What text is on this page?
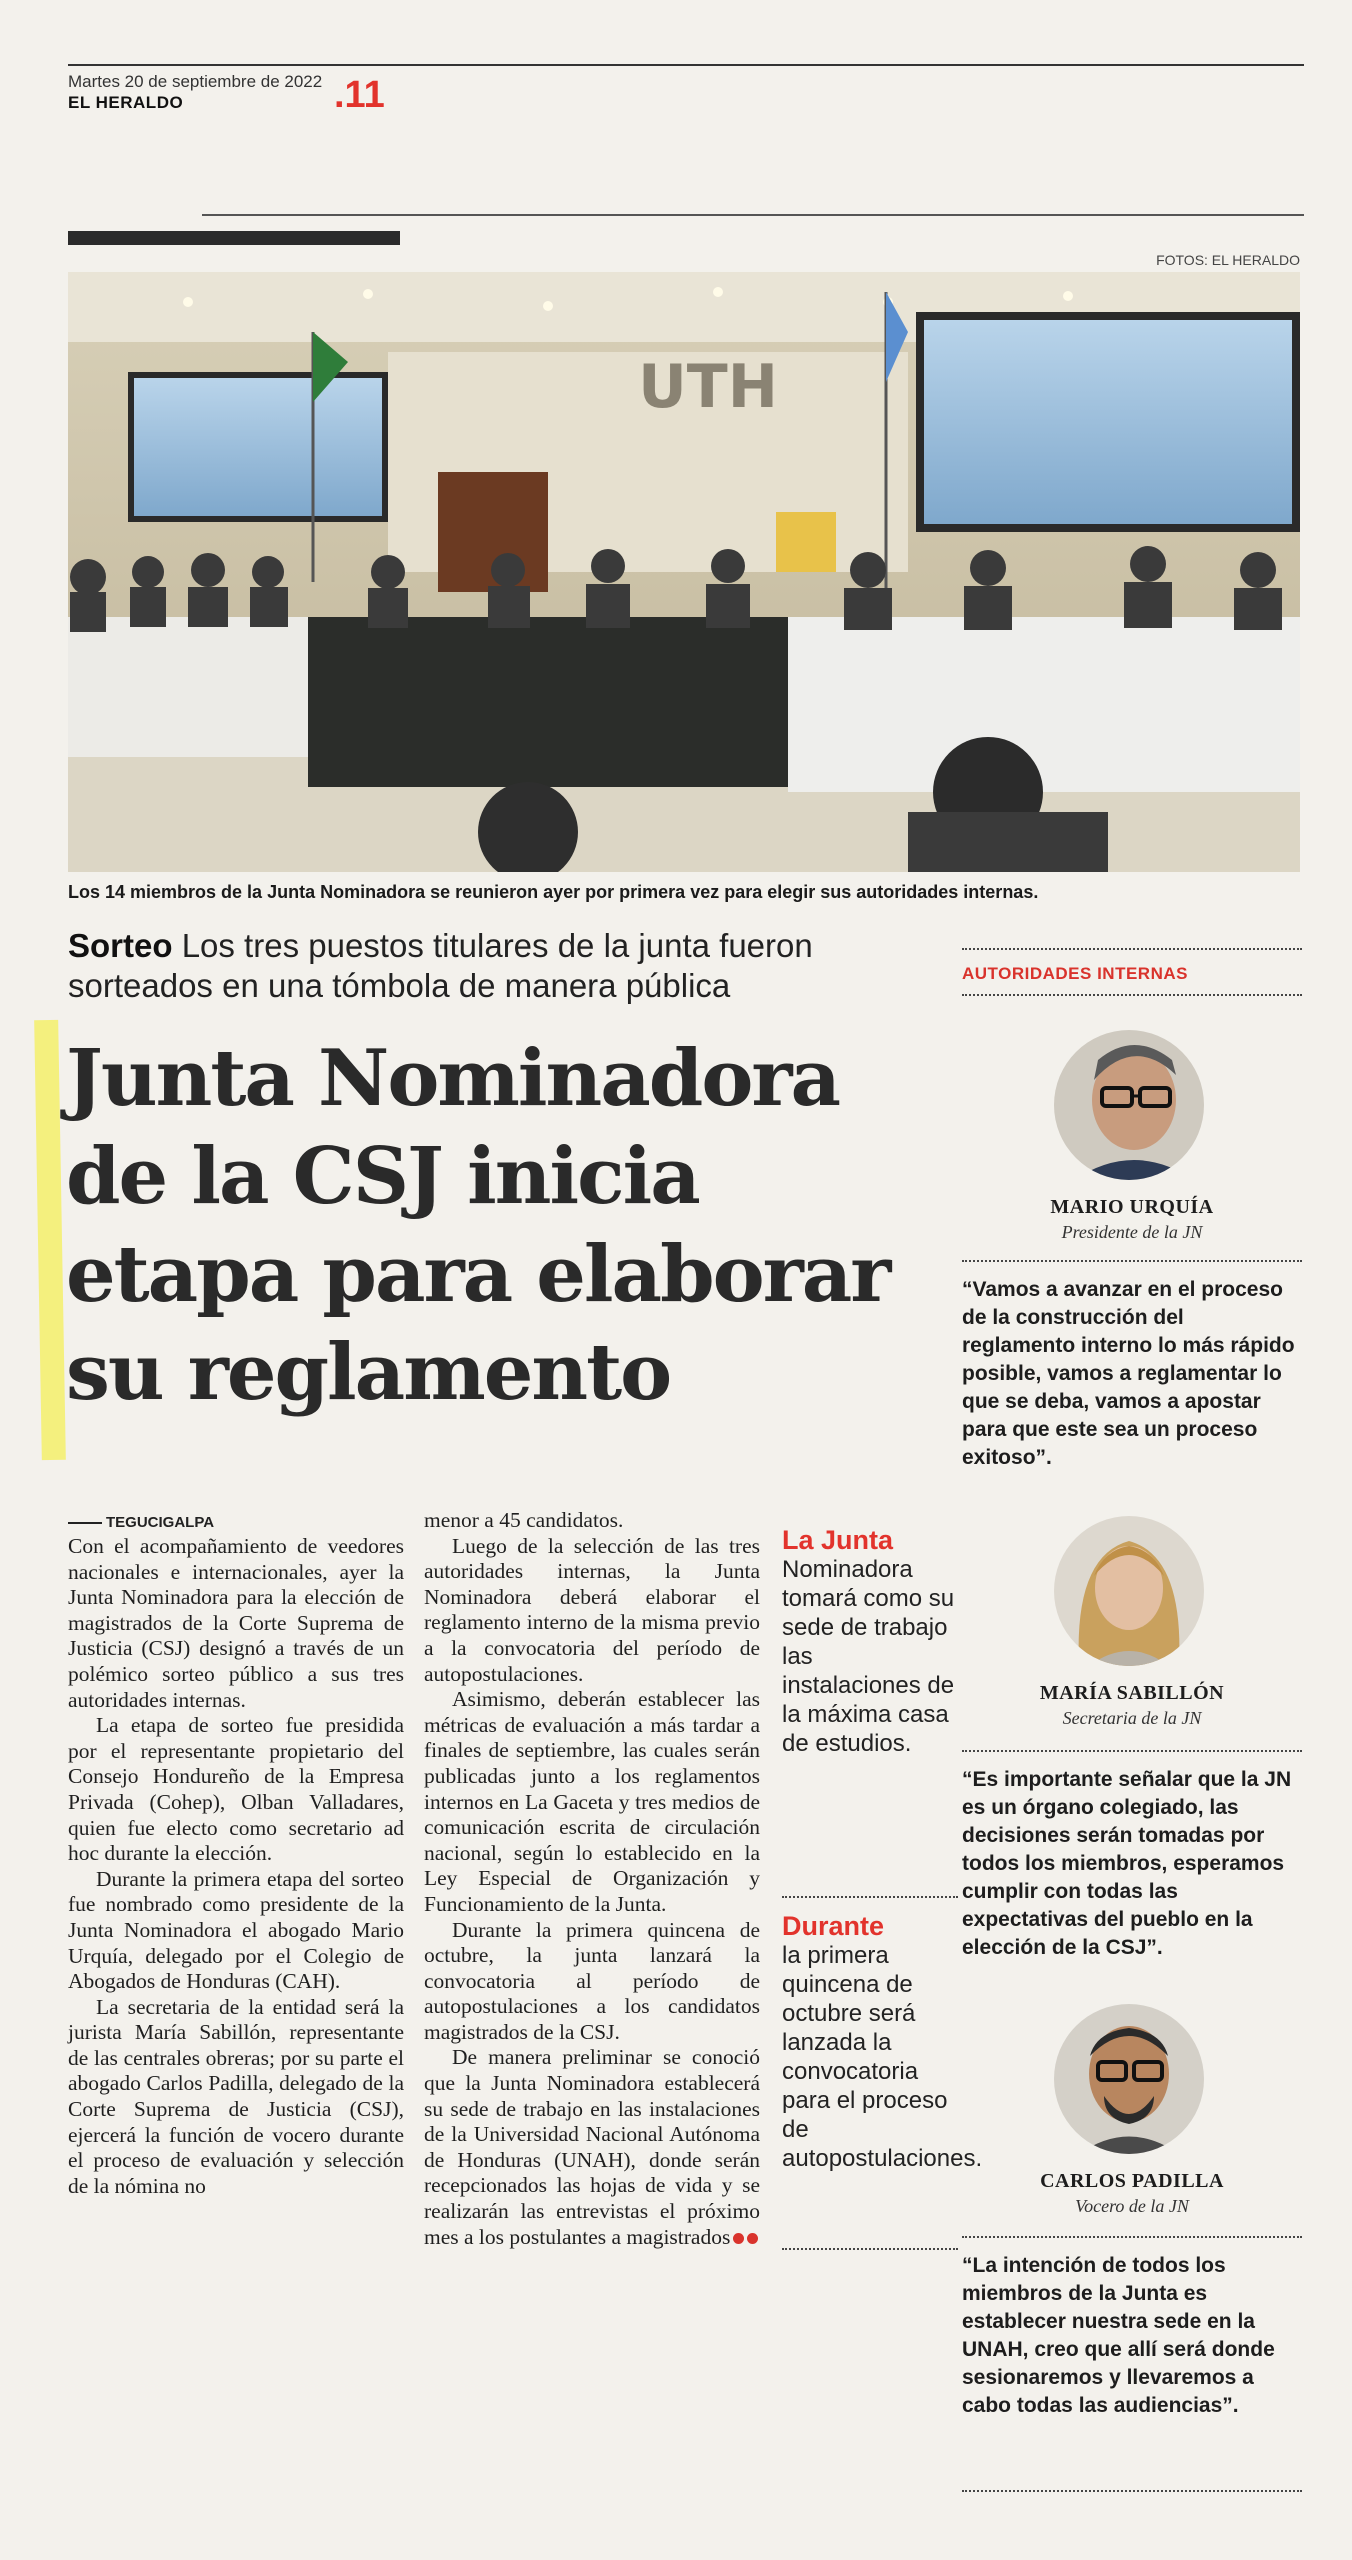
Martes 20 de septiembre de 2022
EL HERALDO	.11
FOTOS: EL HERALDO
UTH
Los 14 miembros de la Junta Nominadora se reunieron ayer por primera vez para elegir sus autoridades internas.
Sorteo Los tres puestos titulares de la junta fueron sorteados en una tómbola de manera pública
Junta Nominadora
de la CSJ inicia
etapa para elaborar
su reglamento
TEGUCIGALPA

Con el acompañamiento de veedores nacionales e internacionales, ayer la Junta Nominadora para la elección de magistrados de la Corte Suprema de Justicia (CSJ) designó a través de un polémico sorteo público a sus tres autoridades internas.

La etapa de sorteo fue presidida por el representante propietario del Consejo Hondureño de la Empresa Privada (Cohep), Olban Valladares, quien fue electo como secretario ad hoc durante la elección.

Durante la primera etapa del sorteo fue nombrado como presidente de la Junta Nominadora el abogado Mario Urquía, delegado por el Colegio de Abogados de Honduras (CAH).

La secretaria de la entidad será la jurista María Sabillón, representante de las centrales obreras; por su parte el abogado Carlos Padilla, delegado de la Corte Suprema de Justicia (CSJ), ejercerá la función de vocero durante el proceso de evaluación y selección de la nómina no

menor a 45 candidatos.

Luego de la selección de las tres autoridades internas, la Junta Nominadora deberá elaborar el reglamento interno de la misma previo a la convocatoria del período de autopostulaciones.

Asimismo, deberán establecer las métricas de evaluación a más tardar a finales de septiembre, las cuales serán publicadas junto a los reglamentos internos en La Gaceta y tres medios de comunicación escrita de circulación nacional, según lo establecido en la Ley Especial de Organización y Funcionamiento de la Junta.

Durante la primera quincena de octubre, la junta lanzará la convocatoria al período de autopostulaciones a los candidatos magistrados de la CSJ.

De manera preliminar se conoció que la Junta Nominadora establecerá su sede de trabajo en las instalaciones de la Universidad Nacional Autónoma de Honduras (UNAH), donde serán recepcionados las hojas de vida y se realizarán las entrevistas el próximo mes a los postulantes a magistrados

La Junta
Nominadora tomará como su sede de trabajo las instalaciones de la máxima casa de estudios.
Durante
la primera quincena de octubre será lanzada la convocatoria para el proceso de autopostulaciones.
AUTORIDADES INTERNAS
MARIO URQUÍA
Presidente de la JN
“Vamos a avanzar en el proceso de la construcción del reglamento interno lo más rápido posible, vamos a reglamentar lo que se deba, vamos a apostar para que este sea un proceso exitoso”.
MARÍA SABILLÓN
Secretaria de la JN
“Es importante señalar que la JN es un órgano colegiado, las decisiones serán tomadas por todos los miembros, esperamos cumplir con todas las expectativas del pueblo en la elección de la CSJ”.
CARLOS PADILLA
Vocero de la JN
“La intención de todos los miembros de la Junta es establecer nuestra sede en la UNAH, creo que allí será donde sesionaremos y llevaremos a cabo todas las audiencias”.
